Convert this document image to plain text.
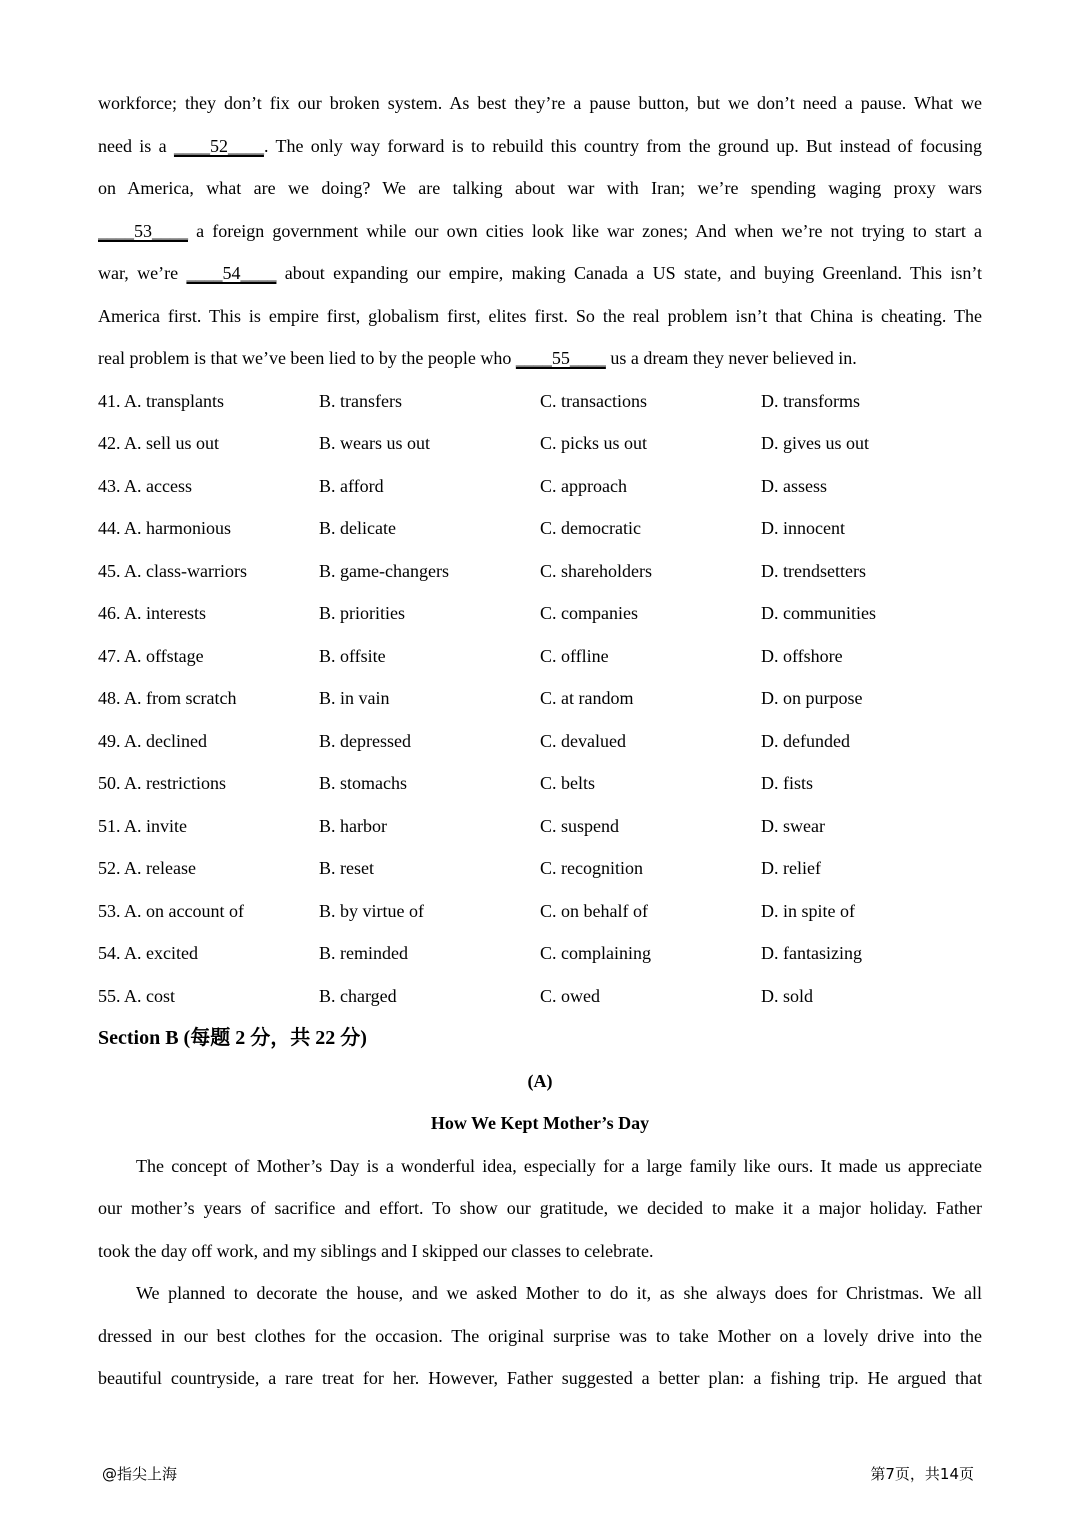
workforce; they don’t fix our broken system. As best they’re a pause button, but we don’t need a pause. What we
need is a ____52____. The only way forward is to rebuild this country from the ground up. But instead of focusing
on America, what are we doing? We are talking about war with Iran; we’re spending waging proxy wars
____53____ a foreign government while our own cities look like war zones; And when we’re not trying to start a
war, we’re ____54____ about expanding our empire, making Canada a US state, and buying Greenland. This isn’t
America first. This is empire first, globalism first, elites first. So the real problem isn’t that China is cheating. The
real problem is that we’ve been lied to by the people who ____55____ us a dream they never believed in.
41. A. transplants	B. transfers	C. transactions	D. transforms
42. A. sell us out	B. wears us out	C. picks us out	D. gives us out
43. A. access	B. afford	C. approach	D. assess
44. A. harmonious	B. delicate	C. democratic	D. innocent
45. A. class-warriors	B. game-changers	C. shareholders	D. trendsetters
46. A. interests	B. priorities	C. companies	D. communities
47. A. offstage	B. offsite	C. offline	D. offshore
48. A. from scratch	B. in vain	C. at random	D. on purpose
49. A. declined	B. depressed	C. devalued	D. defunded
50. A. restrictions	B. stomachs	C. belts	D. fists
51. A. invite	B. harbor	C. suspend	D. swear
52. A. release	B. reset	C. recognition	D. relief
53. A. on account of	B. by virtue of	C. on behalf of	D. in spite of
54. A. excited	B. reminded	C. complaining	D. fantasizing
55. A. cost	B. charged	C. owed	D. sold
Section B (每题 2 分，共 22 分)
(A)
How We Kept Mother’s Day
The concept of Mother’s Day is a wonderful idea, especially for a large family like ours. It made us appreciate
our mother’s years of sacrifice and effort. To show our gratitude, we decided to make it a major holiday. Father
took the day off work, and my siblings and I skipped our classes to celebrate.
We planned to decorate the house, and we asked Mother to do it, as she always does for Christmas. We all
dressed in our best clothes for the occasion. The original surprise was to take Mother on a lovely drive into the
beautiful countryside, a rare treat for her. However, Father suggested a better plan: a fishing trip. He argued that
@指尖上海	第7页，共14页
